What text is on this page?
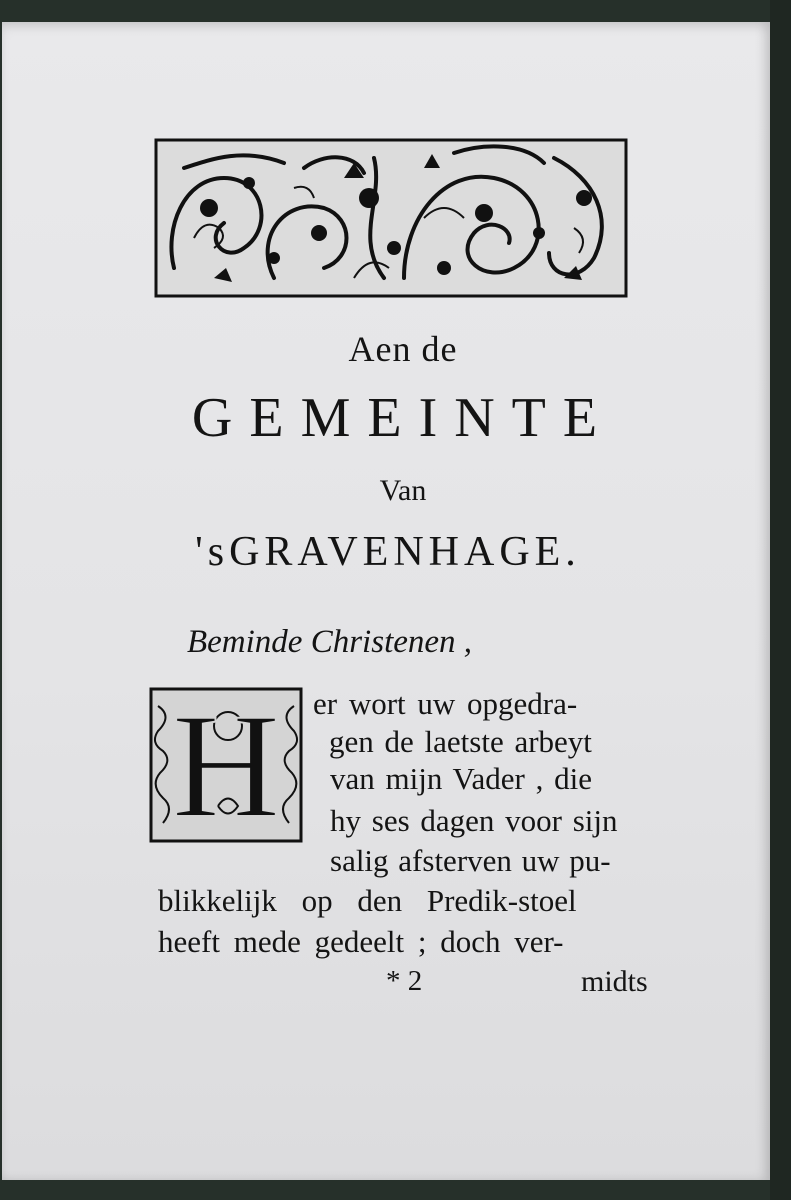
Aen de
GEMEINTE
Van
'sGRAVENHAGE.
Beminde Christenen ,
H er wort uw opgedra-
gen de laetste arbeyt
van mijn Vader , die
hy ses dagen voor sijn
salig afsterven uw pu-
blikkelijk op den Predik-stoel
heeft mede gedeelt ; doch ver-
* 2	midts
